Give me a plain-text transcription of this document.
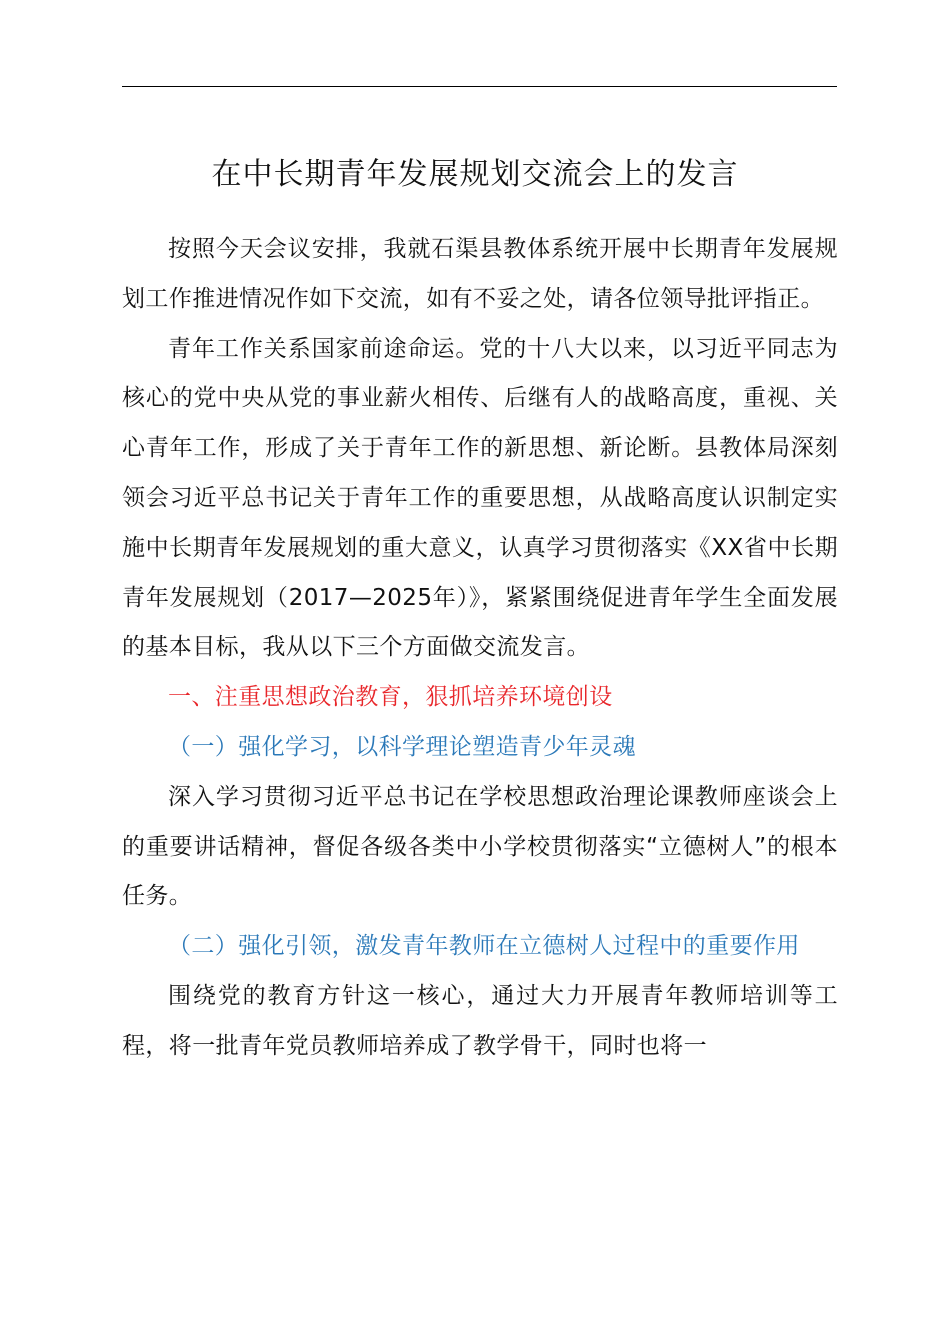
在中长期青年发展规划交流会上的发言

按照今天会议安排，我就石渠县教体系统开展中长期青年发展规划工作推进情况作如下交流，如有不妥之处，请各位领导批评指正。

青年工作关系国家前途命运。党的十八大以来，以习近平同志为核心的党中央从党的事业薪火相传、后继有人的战略高度，重视、关心青年工作，形成了关于青年工作的新思想、新论断。县教体局深刻领会习近平总书记关于青年工作的重要思想，从战略高度认识制定实施中长期青年发展规划的重大意义，认真学习贯彻落实《XX省中长期青年发展规划（2017—2025年）》，紧紧围绕促进青年学生全面发展的基本目标，我从以下三个方面做交流发言。

一、注重思想政治教育，狠抓培养环境创设

（一）强化学习，以科学理论塑造青少年灵魂

深入学习贯彻习近平总书记在学校思想政治理论课教师座谈会上的重要讲话精神，督促各级各类中小学校贯彻落实“立德树人”的根本任务。

（二）强化引领，激发青年教师在立德树人过程中的重要作用

围绕党的教育方针这一核心，通过大力开展青年教师培训等工程，将一批青年党员教师培养成了教学骨干，同时也将一
